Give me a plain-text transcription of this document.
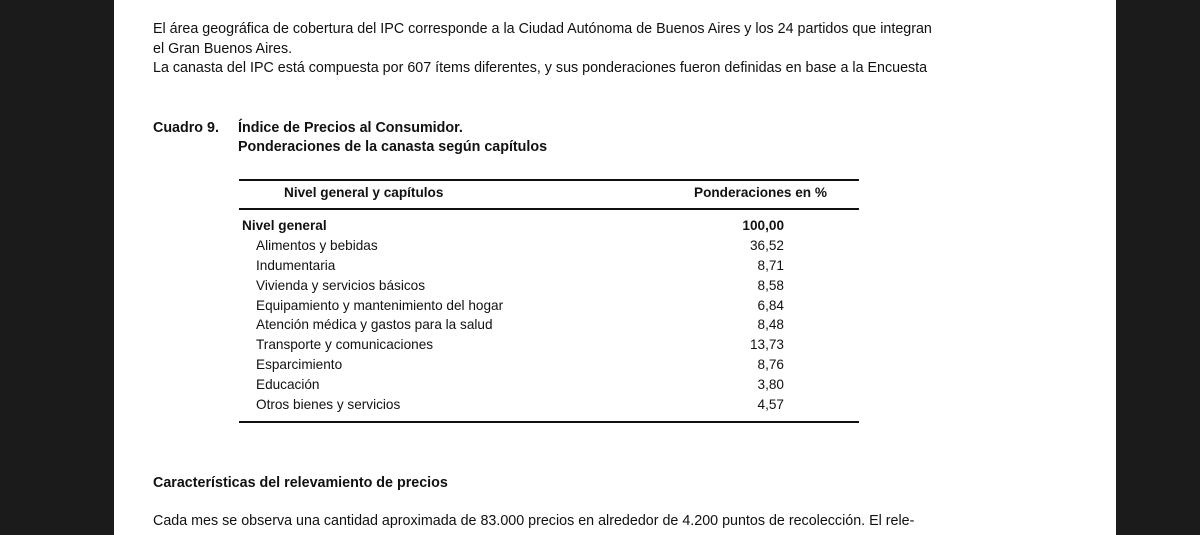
El área geográfica de cobertura del IPC corresponde a la Ciudad Autónoma de Buenos Aires y los 24 partidos que integran
el Gran Buenos Aires.
La canasta del IPC está compuesta por 607 ítems diferentes, y sus ponderaciones fueron definidas en base a la Encuesta
Cuadro 9. Índice de Precios al Consumidor.
Ponderaciones de la canasta según capítulos
Nivel general y capítulos	Ponderaciones en %
Nivel general	100,00
Alimentos y bebidas	36,52
Indumentaria	8,71
Vivienda y servicios básicos	8,58
Equipamiento y mantenimiento del hogar	6,84
Atención médica y gastos para la salud	8,48
Transporte y comunicaciones	13,73
Esparcimiento	8,76
Educación	3,80
Otros bienes y servicios	4,57
Características del relevamiento de precios
Cada mes se observa una cantidad aproximada de 83.000 precios en alrededor de 4.200 puntos de recolección. El rele-
